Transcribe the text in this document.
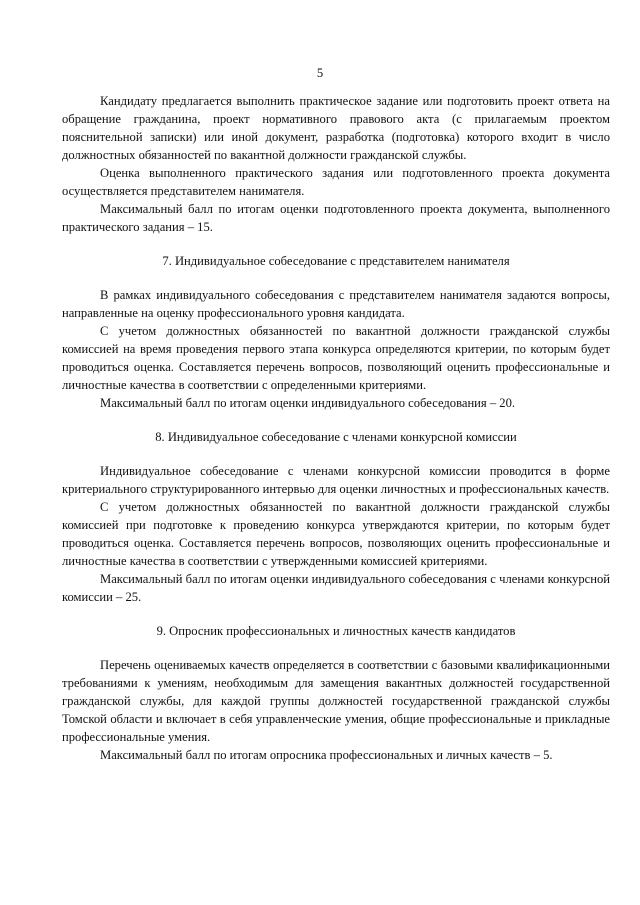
5

Кандидату предлагается выполнить практическое задание или подготовить проект ответа на обращение гражданина, проект нормативного правового акта (с прилагаемым проектом пояснительной записки) или иной документ, разработка (подготовка) которого входит в число должностных обязанностей по вакантной должности гражданской службы.

Оценка выполненного практического задания или подготовленного проекта документа осуществляется представителем нанимателя.

Максимальный балл по итогам оценки подготовленного проекта документа, выполненного практического задания – 15.

7. Индивидуальное собеседование с представителем нанимателя

В рамках индивидуального собеседования с представителем нанимателя задаются вопросы, направленные на оценку профессионального уровня кандидата.

С учетом должностных обязанностей по вакантной должности гражданской службы комиссией на время проведения первого этапа конкурса определяются критерии, по которым будет проводиться оценка. Составляется перечень вопросов, позволяющий оценить профессиональные и личностные качества в соответствии с определенными критериями.

Максимальный балл по итогам оценки индивидуального собеседования – 20.

8. Индивидуальное собеседование с членами конкурсной комиссии

Индивидуальное собеседование с членами конкурсной комиссии проводится в форме критериального структурированного интервью для оценки личностных и профессиональных качеств.

С учетом должностных обязанностей по вакантной должности гражданской службы комиссией при подготовке к проведению конкурса утверждаются критерии, по которым будет проводиться оценка. Составляется перечень вопросов, позволяющих оценить профессиональные и личностные качества в соответствии с утвержденными комиссией критериями.

Максимальный балл по итогам оценки индивидуального собеседования с членами конкурсной комиссии – 25.

9. Опросник профессиональных и личностных качеств кандидатов

Перечень оцениваемых качеств определяется в соответствии с базовыми квалификационными требованиями к умениям, необходимым для замещения вакантных должностей государственной гражданской службы, для каждой группы должностей государственной гражданской службы Томской области и включает в себя управленческие умения, общие профессиональные и прикладные профессиональные умения.

Максимальный балл по итогам опросника профессиональных и личных качеств – 5.
